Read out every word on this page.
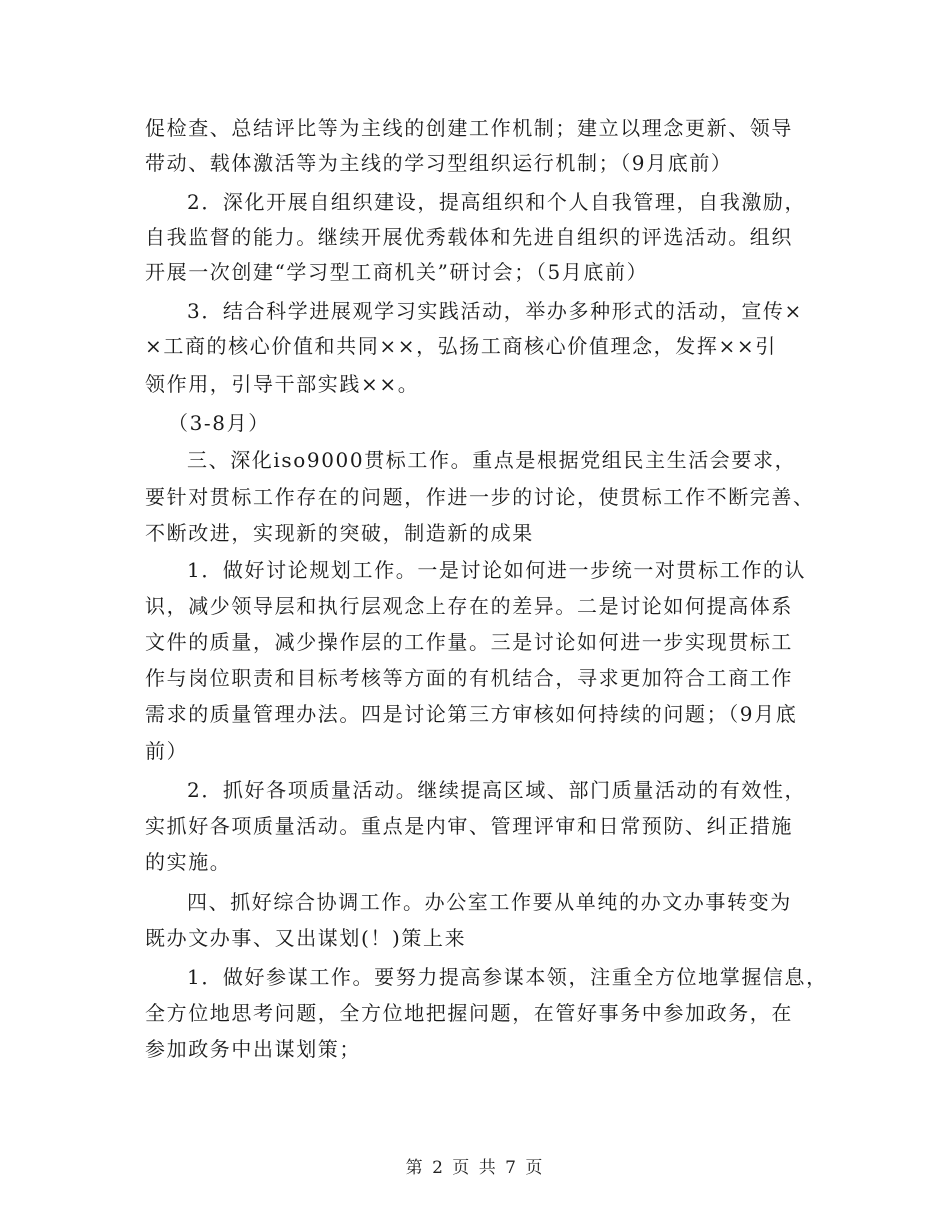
促检查、总结评比等为主线的创建工作机制；建立以理念更新、领导
带动、载体激活等为主线的学习型组织运行机制；（9月底前）
2．深化开展自组织建设，提高组织和个人自我管理，自我激励，
自我监督的能力。继续开展优秀载体和先进自组织的评选活动。组织
开展一次创建“学习型工商机关”研讨会；（5月底前）
3．结合科学进展观学习实践活动，举办多种形式的活动，宣传×
×工商的核心价值和共同××，弘扬工商核心价值理念，发挥××引
领作用，引导干部实践××。
（3-8月）
三、深化iso9000贯标工作。重点是根据党组民主生活会要求，
要针对贯标工作存在的问题，作进一步的讨论，使贯标工作不断完善、
不断改进，实现新的突破，制造新的成果
1．做好讨论规划工作。一是讨论如何进一步统一对贯标工作的认
识，减少领导层和执行层观念上存在的差异。二是讨论如何提高体系
文件的质量，减少操作层的工作量。三是讨论如何进一步实现贯标工
作与岗位职责和目标考核等方面的有机结合，寻求更加符合工商工作
需求的质量管理办法。四是讨论第三方审核如何持续的问题；（9月底
前）
2．抓好各项质量活动。继续提高区域、部门质量活动的有效性，
实抓好各项质量活动。重点是内审、管理评审和日常预防、纠正措施
的实施。
四、抓好综合协调工作。办公室工作要从单纯的办文办事转变为
既办文办事、又出谋划(！)策上来
1．做好参谋工作。要努力提高参谋本领，注重全方位地掌握信息，
全方位地思考问题，全方位地把握问题，在管好事务中参加政务，在
参加政务中出谋划策；
第 2 页 共 7 页
